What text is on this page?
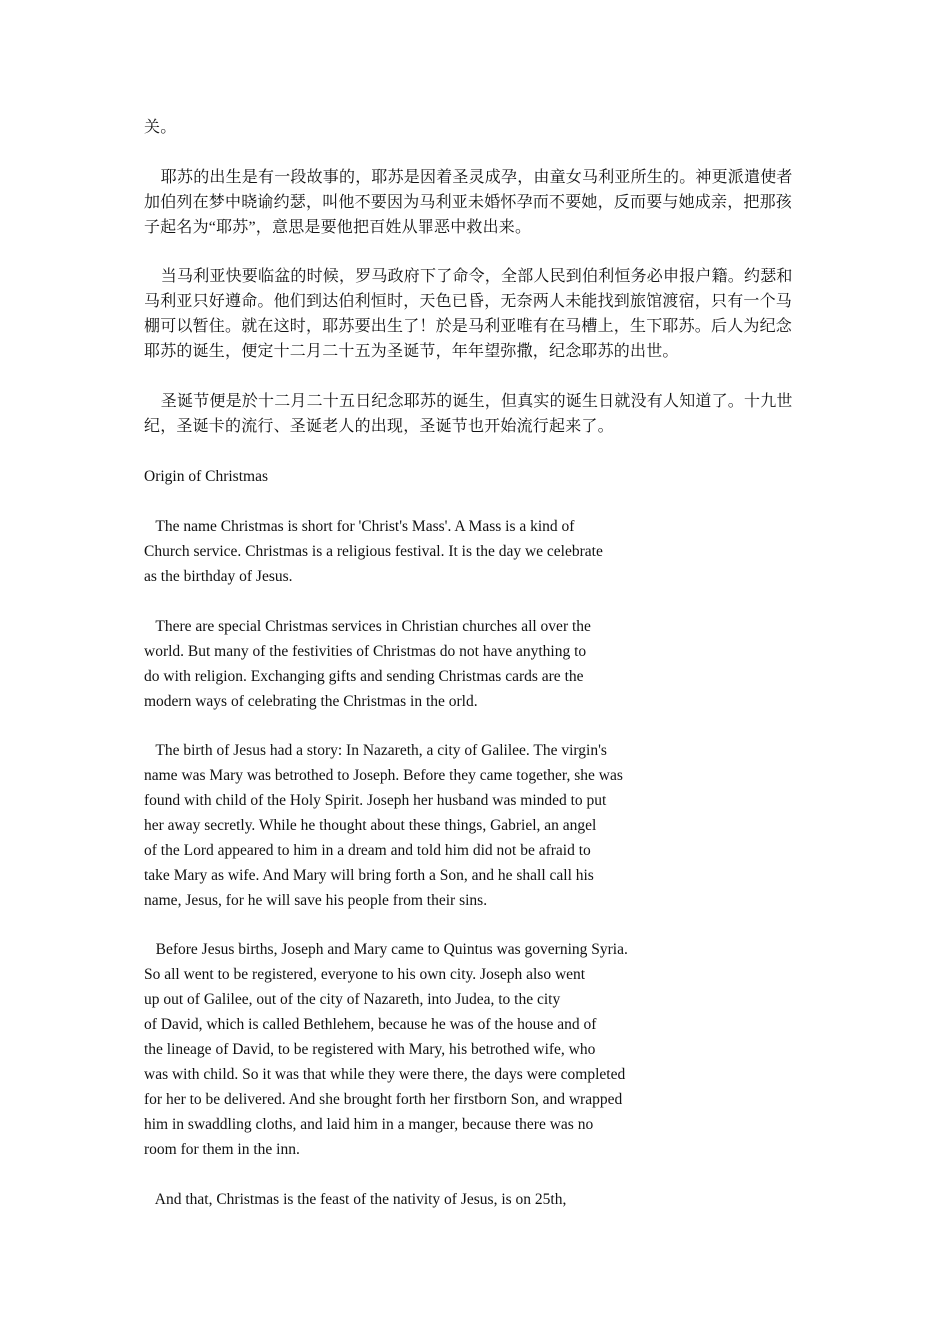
关。
耶苏的出生是有一段故事的，耶苏是因着圣灵成孕，由童女马利亚所生的。神更派遣使者
加伯列在梦中晓谕约瑟，叫他不要因为马利亚未婚怀孕而不要她，反而要与她成亲，把那孩
子起名为“耶苏”，意思是要他把百姓从罪恶中救出来。
当马利亚快要临盆的时候，罗马政府下了命令，全部人民到伯利恒务必申报户籍。约瑟和
马利亚只好遵命。他们到达伯利恒时，天色已昏，无奈两人未能找到旅馆渡宿，只有一个马
棚可以暂住。就在这时，耶苏要出生了！於是马利亚唯有在马槽上，生下耶苏。后人为纪念
耶苏的诞生，便定十二月二十五为圣诞节，年年望弥撒，纪念耶苏的出世。
圣诞节便是於十二月二十五日纪念耶苏的诞生，但真实的诞生日就没有人知道了。十九世
纪，圣诞卡的流行、圣诞老人的出现，圣诞节也开始流行起来了。
Origin of Christmas
The name Christmas is short for 'Christ's Mass'. A Mass is a kind of
Church service. Christmas is a religious festival. It is the day we celebrate
as the birthday of Jesus.
There are special Christmas services in Christian churches all over the
world. But many of the festivities of Christmas do not have anything to
do with religion. Exchanging gifts and sending Christmas cards are the
modern ways of celebrating the Christmas in the orld.
The birth of Jesus had a story: In Nazareth, a city of Galilee. The virgin's
name was Mary was betrothed to Joseph. Before they came together, she was
found with child of the Holy Spirit. Joseph her husband was minded to put
her away secretly. While he thought about these things, Gabriel, an angel
of the Lord appeared to him in a dream and told him did not be afraid to
take Mary as wife. And Mary will bring forth a Son, and he shall call his
name, Jesus, for he will save his people from their sins.
Before Jesus births, Joseph and Mary came to Quintus was governing Syria.
So all went to be registered, everyone to his own city. Joseph also went
up out of Galilee, out of the city of Nazareth, into Judea, to the city
of David, which is called Bethlehem, because he was of the house and of
the lineage of David, to be registered with Mary, his betrothed wife, who
was with child. So it was that while they were there, the days were completed
for her to be delivered. And she brought forth her firstborn Son, and wrapped
him in swaddling cloths, and laid him in a manger, because there was no
room for them in the inn.
And that, Christmas is the feast of the nativity of Jesus, is on 25th,
